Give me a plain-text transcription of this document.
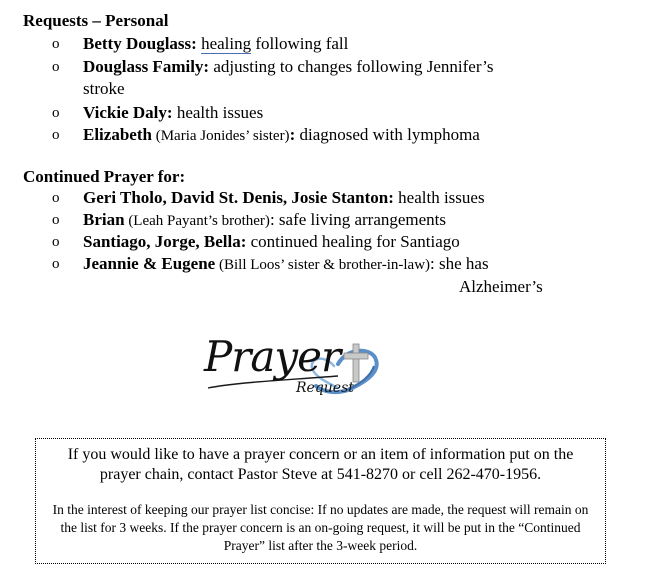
Requests – Personal
o	Betty Douglass: healing following fall
o	Douglass Family: adjusting to changes following Jennifer’s
stroke
o	Vickie Daly: health issues
o	Elizabeth (Maria Jonides’ sister): diagnosed with lymphoma
Continued Prayer for:
o	Geri Tholo, David St. Denis, Josie Stanton: health issues
o	Brian (Leah Payant’s brother): safe living arrangements
o	Santiago, Jorge, Bella: continued healing for Santiago
o	Jeannie & Eugene (Bill Loos’ sister & brother-in-law): she has
Alzheimer’s
Prayer
Request

If you would like to have a prayer concern or an item of information put on the prayer chain, contact Pastor Steve at 541-8270 or cell 262-470-1956.

In the interest of keeping our prayer list concise: If no updates are made, the request will remain on the list for 3 weeks. If the prayer concern is an on-going request, it will be put in the “Continued Prayer” list after the 3-week period.
